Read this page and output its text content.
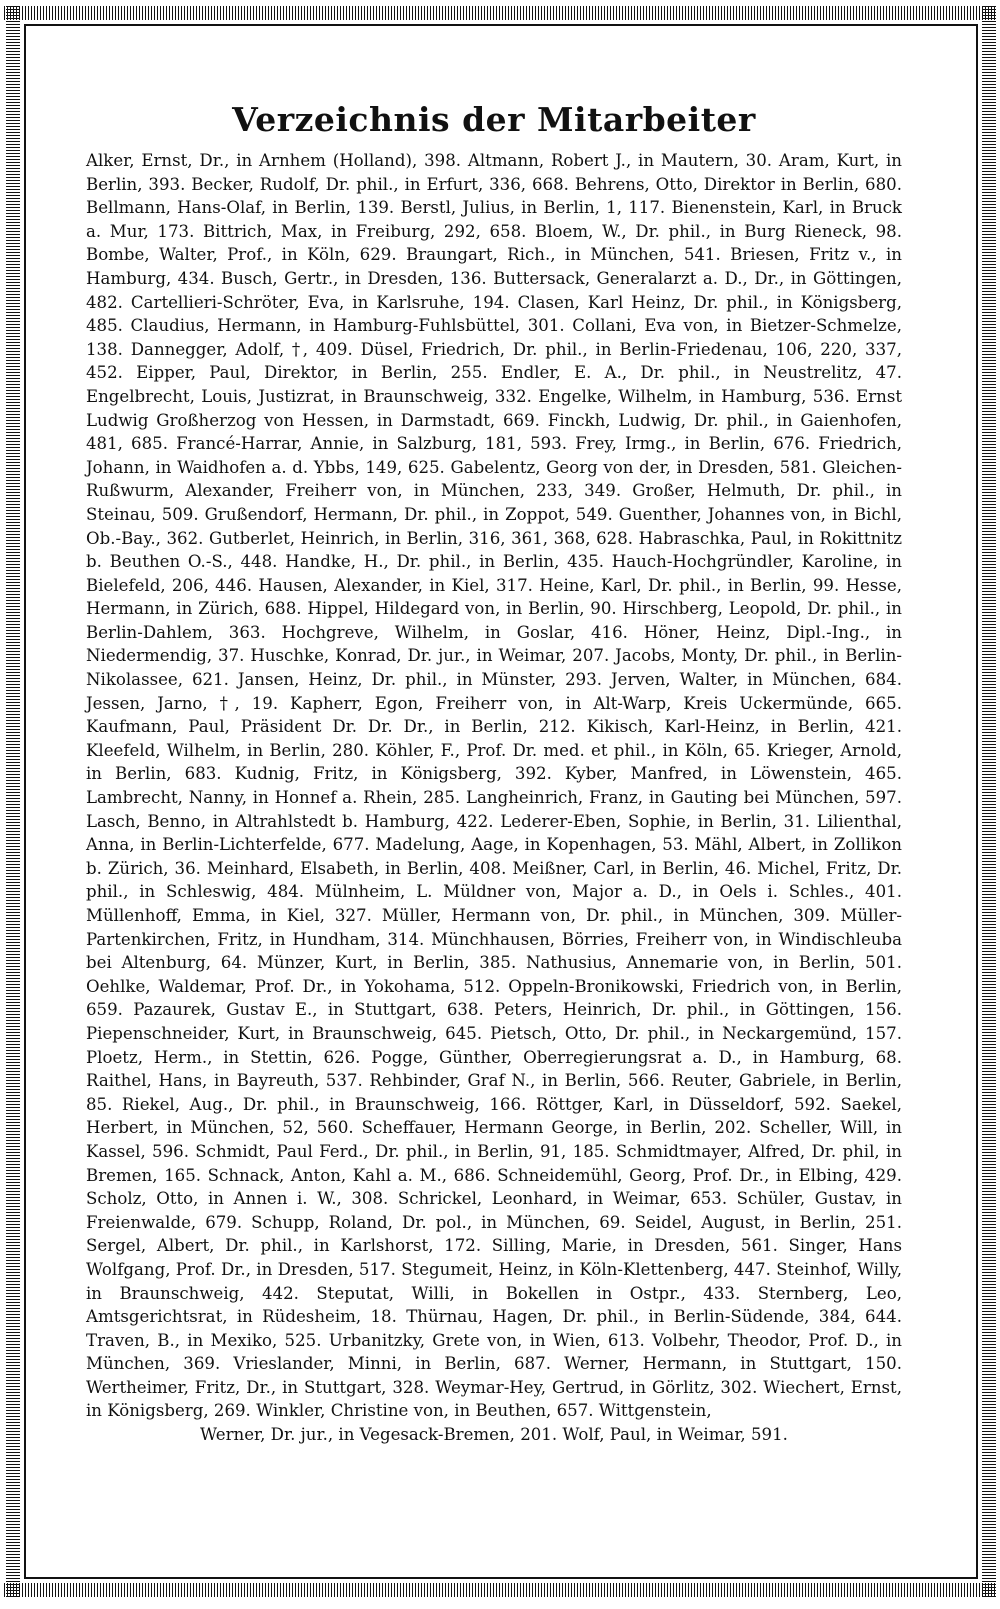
Verzeichnis der Mitarbeiter

Alker, Ernst, Dr., in Arnhem (Holland), 398. Altmann, Robert J., in Mautern, 30. Aram, Kurt, in Berlin, 393. Becker, Rudolf, Dr. phil., in Erfurt, 336, 668. Behrens, Otto, Direktor in Berlin, 680. Bellmann, Hans-Olaf, in Berlin, 139. Berstl, Julius, in Berlin, 1, 117. Bienenstein, Karl, in Bruck a. Mur, 173. Bittrich, Max, in Freiburg, 292, 658. Bloem, W., Dr. phil., in Burg Rieneck, 98. Bombe, Walter, Prof., in Köln, 629. Braungart, Rich., in München, 541. Briesen, Fritz v., in Hamburg, 434. Busch, Gertr., in Dresden, 136. Buttersack, Generalarzt a. D., Dr., in Göttingen, 482. Cartellieri-Schröter, Eva, in Karlsruhe, 194. Clasen, Karl Heinz, Dr. phil., in Königsberg, 485. Claudius, Hermann, in Hamburg-Fuhlsbüttel, 301. Collani, Eva von, in Bietzer-Schmelze, 138. Dannegger, Adolf, †, 409. Düsel, Friedrich, Dr. phil., in Berlin-Friedenau, 106, 220, 337, 452. Eipper, Paul, Direktor, in Berlin, 255. Endler, E. A., Dr. phil., in Neustrelitz, 47. Engelbrecht, Louis, Justizrat, in Braunschweig, 332. Engelke, Wilhelm, in Hamburg, 536. Ernst Ludwig Großherzog von Hessen, in Darmstadt, 669. Finckh, Ludwig, Dr. phil., in Gaienhofen, 481, 685. Francé-Harrar, Annie, in Salzburg, 181, 593. Frey, Irmg., in Berlin, 676. Friedrich, Johann, in Waidhofen a. d. Ybbs, 149, 625. Gabelentz, Georg von der, in Dresden, 581. Gleichen-Rußwurm, Alexander, Freiherr von, in München, 233, 349. Großer, Helmuth, Dr. phil., in Steinau, 509. Grußendorf, Hermann, Dr. phil., in Zoppot, 549. Guenther, Johannes von, in Bichl, Ob.-Bay., 362. Gutberlet, Heinrich, in Berlin, 316, 361, 368, 628. Habraschka, Paul, in Rokittnitz b. Beuthen O.-S., 448. Handke, H., Dr. phil., in Berlin, 435. Hauch-Hochgründler, Karoline, in Bielefeld, 206, 446. Hausen, Alexander, in Kiel, 317. Heine, Karl, Dr. phil., in Berlin, 99. Hesse, Hermann, in Zürich, 688. Hippel, Hildegard von, in Berlin, 90. Hirschberg, Leopold, Dr. phil., in Berlin-Dahlem, 363. Hochgreve, Wilhelm, in Goslar, 416. Höner, Heinz, Dipl.-Ing., in Niedermendig, 37. Huschke, Konrad, Dr. jur., in Weimar, 207. Jacobs, Monty, Dr. phil., in Berlin-Nikolassee, 621. Jansen, Heinz, Dr. phil., in Münster, 293. Jerven, Walter, in München, 684. Jessen, Jarno, †, 19. Kapherr, Egon, Freiherr von, in Alt-Warp, Kreis Uckermünde, 665. Kaufmann, Paul, Präsident Dr. Dr. Dr., in Berlin, 212. Kikisch, Karl-Heinz, in Berlin, 421. Kleefeld, Wilhelm, in Berlin, 280. Köhler, F., Prof. Dr. med. et phil., in Köln, 65. Krieger, Arnold, in Berlin, 683. Kudnig, Fritz, in Königsberg, 392. Kyber, Manfred, in Löwenstein, 465. Lambrecht, Nanny, in Honnef a. Rhein, 285. Langheinrich, Franz, in Gauting bei München, 597. Lasch, Benno, in Altrahlstedt b. Hamburg, 422. Lederer-Eben, Sophie, in Berlin, 31. Lilienthal, Anna, in Berlin-Lichterfelde, 677. Madelung, Aage, in Kopenhagen, 53. Mähl, Albert, in Zollikon b. Zürich, 36. Meinhard, Elsabeth, in Berlin, 408. Meißner, Carl, in Berlin, 46. Michel, Fritz, Dr. phil., in Schleswig, 484. Mülnheim, L. Müldner von, Major a. D., in Oels i. Schles., 401. Müllenhoff, Emma, in Kiel, 327. Müller, Hermann von, Dr. phil., in München, 309. Müller-Partenkirchen, Fritz, in Hundham, 314. Münchhausen, Börries, Freiherr von, in Windischleuba bei Altenburg, 64. Münzer, Kurt, in Berlin, 385. Nathusius, Annemarie von, in Berlin, 501. Oehlke, Waldemar, Prof. Dr., in Yokohama, 512. Oppeln-Bronikowski, Friedrich von, in Berlin, 659. Pazaurek, Gustav E., in Stuttgart, 638. Peters, Heinrich, Dr. phil., in Göttingen, 156. Piepenschneider, Kurt, in Braunschweig, 645. Pietsch, Otto, Dr. phil., in Neckargemünd, 157. Ploetz, Herm., in Stettin, 626. Pogge, Günther, Oberregierungsrat a. D., in Hamburg, 68. Raithel, Hans, in Bayreuth, 537. Rehbinder, Graf N., in Berlin, 566. Reuter, Gabriele, in Berlin, 85. Riekel, Aug., Dr. phil., in Braunschweig, 166. Röttger, Karl, in Düsseldorf, 592. Saekel, Herbert, in München, 52, 560. Scheffauer, Hermann George, in Berlin, 202. Scheller, Will, in Kassel, 596. Schmidt, Paul Ferd., Dr. phil., in Berlin, 91, 185. Schmidtmayer, Alfred, Dr. phil, in Bremen, 165. Schnack, Anton, Kahl a. M., 686. Schneidemühl, Georg, Prof. Dr., in Elbing, 429. Scholz, Otto, in Annen i. W., 308. Schrickel, Leonhard, in Weimar, 653. Schüler, Gustav, in Freienwalde, 679. Schupp, Roland, Dr. pol., in München, 69. Seidel, August, in Berlin, 251. Sergel, Albert, Dr. phil., in Karlshorst, 172. Silling, Marie, in Dresden, 561. Singer, Hans Wolfgang, Prof. Dr., in Dresden, 517. Stegumeit, Heinz, in Köln-Klettenberg, 447. Steinhof, Willy, in Braunschweig, 442. Steputat, Willi, in Bokellen in Ostpr., 433. Sternberg, Leo, Amtsgerichtsrat, in Rüdesheim, 18. Thürnau, Hagen, Dr. phil., in Berlin-Südende, 384, 644. Traven, B., in Mexiko, 525. Urbanitzky, Grete von, in Wien, 613. Volbehr, Theodor, Prof. D., in München, 369. Vrieslander, Minni, in Berlin, 687. Werner, Hermann, in Stuttgart, 150. Wertheimer, Fritz, Dr., in Stuttgart, 328. Weymar-Hey, Gertrud, in Görlitz, 302. Wiechert, Ernst, in Königsberg, 269. Winkler, Christine von, in Beuthen, 657. Wittgenstein,

Werner, Dr. jur., in Vegesack-Bremen, 201. Wolf, Paul, in Weimar, 591.
